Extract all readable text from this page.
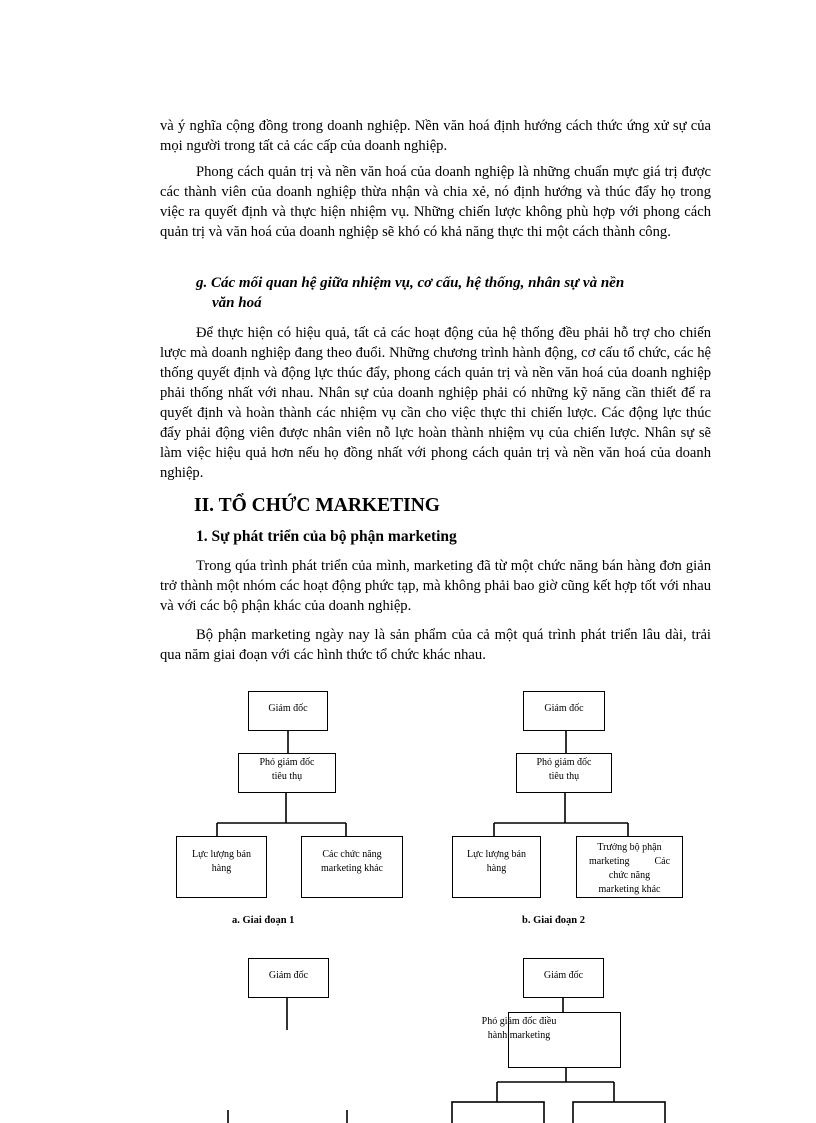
và ý nghĩa cộng đồng trong doanh nghiệp. Nền văn hoá định hướng cách thức ứng xử sự của mọi người trong tất cả các cấp của doanh nghiệp.

Phong cách quản trị và nền văn hoá của doanh nghiệp là những chuẩn mực giá trị được các thành viên của doanh nghiệp thừa nhận và chia xẻ, nó định hướng và thúc đẩy họ trong việc ra quyết định và thực hiện nhiệm vụ. Những chiến lược không phù hợp với phong cách quản trị và văn hoá của doanh nghiệp sẽ khó có khả năng thực thi một cách thành công.

g. Các mối quan hệ giữa nhiệm vụ, cơ cấu, hệ thống, nhân sự và nền
văn hoá

Để thực hiện có hiệu quả, tất cả các hoạt động của hệ thống đều phải hỗ trợ cho chiến lược mà doanh nghiệp đang theo đuổi. Những chương trình hành động, cơ cấu tổ chức, các hệ thống quyết định và động lực thúc đẩy, phong cách quản trị và nền văn hoá của doanh nghiệp phải thống nhất với nhau. Nhân sự của doanh nghiệp phải có những kỹ năng cần thiết để ra quyết định và hoàn thành các nhiệm vụ cần cho việc thực thi chiến lược. Các động lực thúc đẩy phải động viên được nhân viên nỗ lực hoàn thành nhiệm vụ của chiến lược. Nhân sự sẽ làm việc hiệu quả hơn nếu họ đồng nhất với phong cách quản trị và nền văn hoá của doanh nghiệp.

II. TỔ CHỨC MARKETING
1. Sự phát triển của bộ phận marketing

Trong qúa trình phát triển của mình, marketing đã từ một chức năng bán hàng đơn giản trở thành một nhóm các hoạt động phức tạp, mà không phải bao giờ cũng kết hợp tốt với nhau và với các bộ phận khác của doanh nghiệp.

Bộ phận marketing ngày nay là sản phẩm của cả một quá trình phát triển lâu dài, trải qua năm giai đoạn với các hình thức tổ chức khác nhau.

Giám đốc
Phó giám đốc
tiêu thụ
Lực lượng bán
hàng
Các chức năng
marketing khác
a. Giai đoạn 1
Giám đốc
Phó giám đốc
tiêu thụ
Lực lượng bán
hàng
Trưởng bộ phận
marketing          Các
chức năng
marketing khác
b. Giai đoạn 2
Giám đốc	Giám đốc
Phó giám đốc điều
hành marketing
